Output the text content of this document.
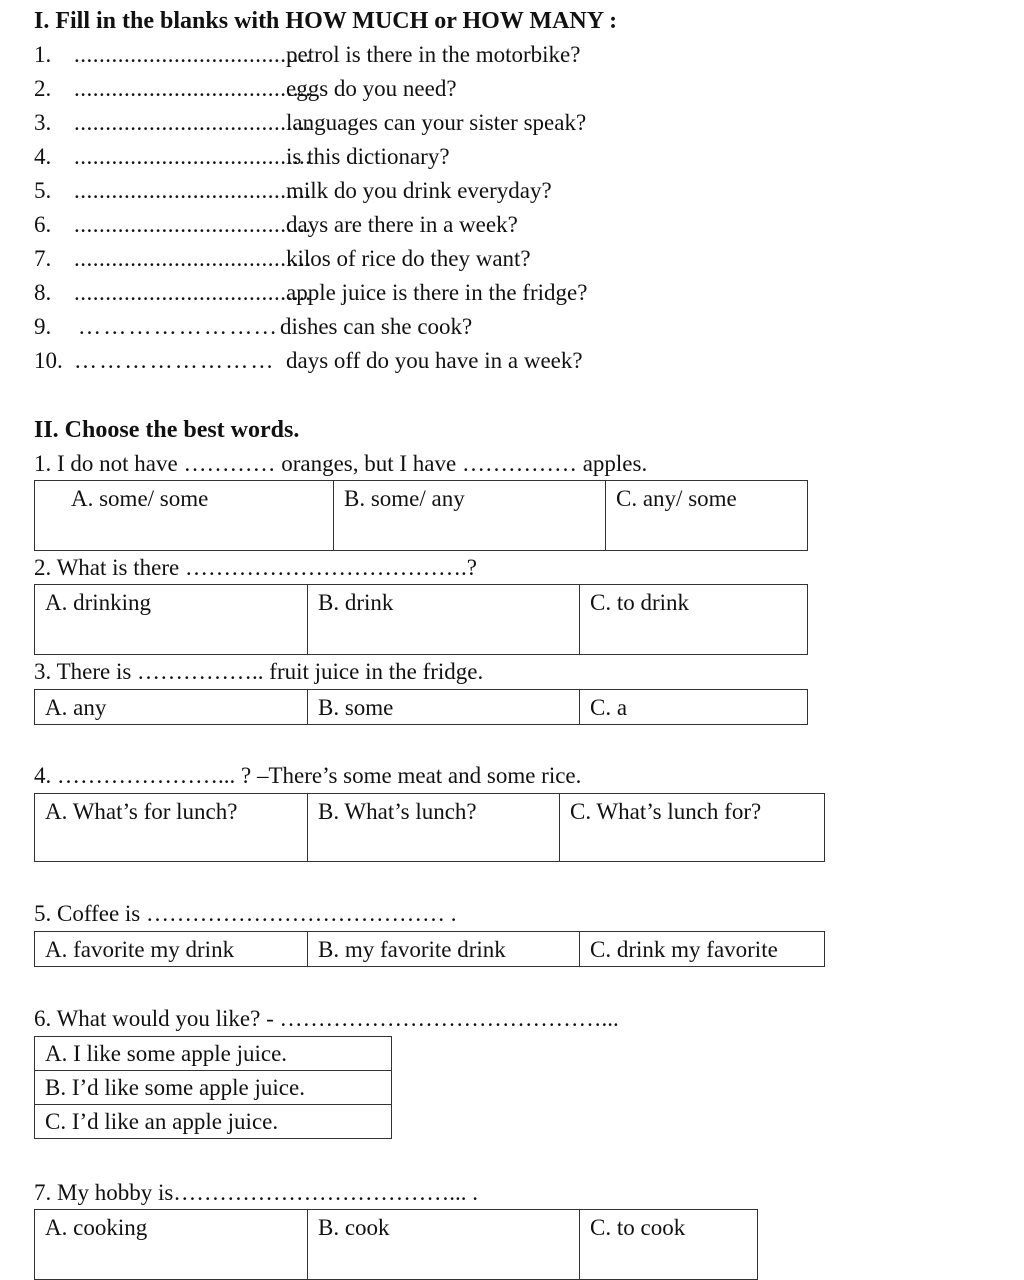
I. Fill in the blanks with HOW MUCH or HOW MANY :
1. ......................................
petrol is there in the motorbike?
2. ......................................
eggs do you need?
3. ......................................
languages can your sister speak?
4. ......................................
is this dictionary?
5. ......................................
milk do you drink everyday?
6. ......................................
days are there in a week?
7. ......................................
kilos of rice do they want?
8. ......................................
apple juice is there in the fridge?
9. …………………... dishes can she cook?
10. …………………… days off do you have in a week?
II. Choose the best words.
1. I do not have ………… oranges, but I have …………… apples.
A. some/ some	B. some/ any	C. any/ some
2. What is there ……………………………….?
A. drinking	B. drink	C. to drink
3. There is …………….. fruit juice in the fridge.
A. any	B. some	C. a
4. …………………... ? –There’s some meat and some rice.
A. What’s for lunch?	B. What’s lunch?	C. What’s lunch for?
5. Coffee is ………………………………… .
A. favorite my drink	B. my favorite drink	C. drink my favorite
6. What would you like? - ……………………………………...
A. I like some apple juice.
B. I’d like some apple juice.
C. I’d like an apple juice.
7. My hobby is………………………………... .
A. cooking	B. cook	C. to cook
